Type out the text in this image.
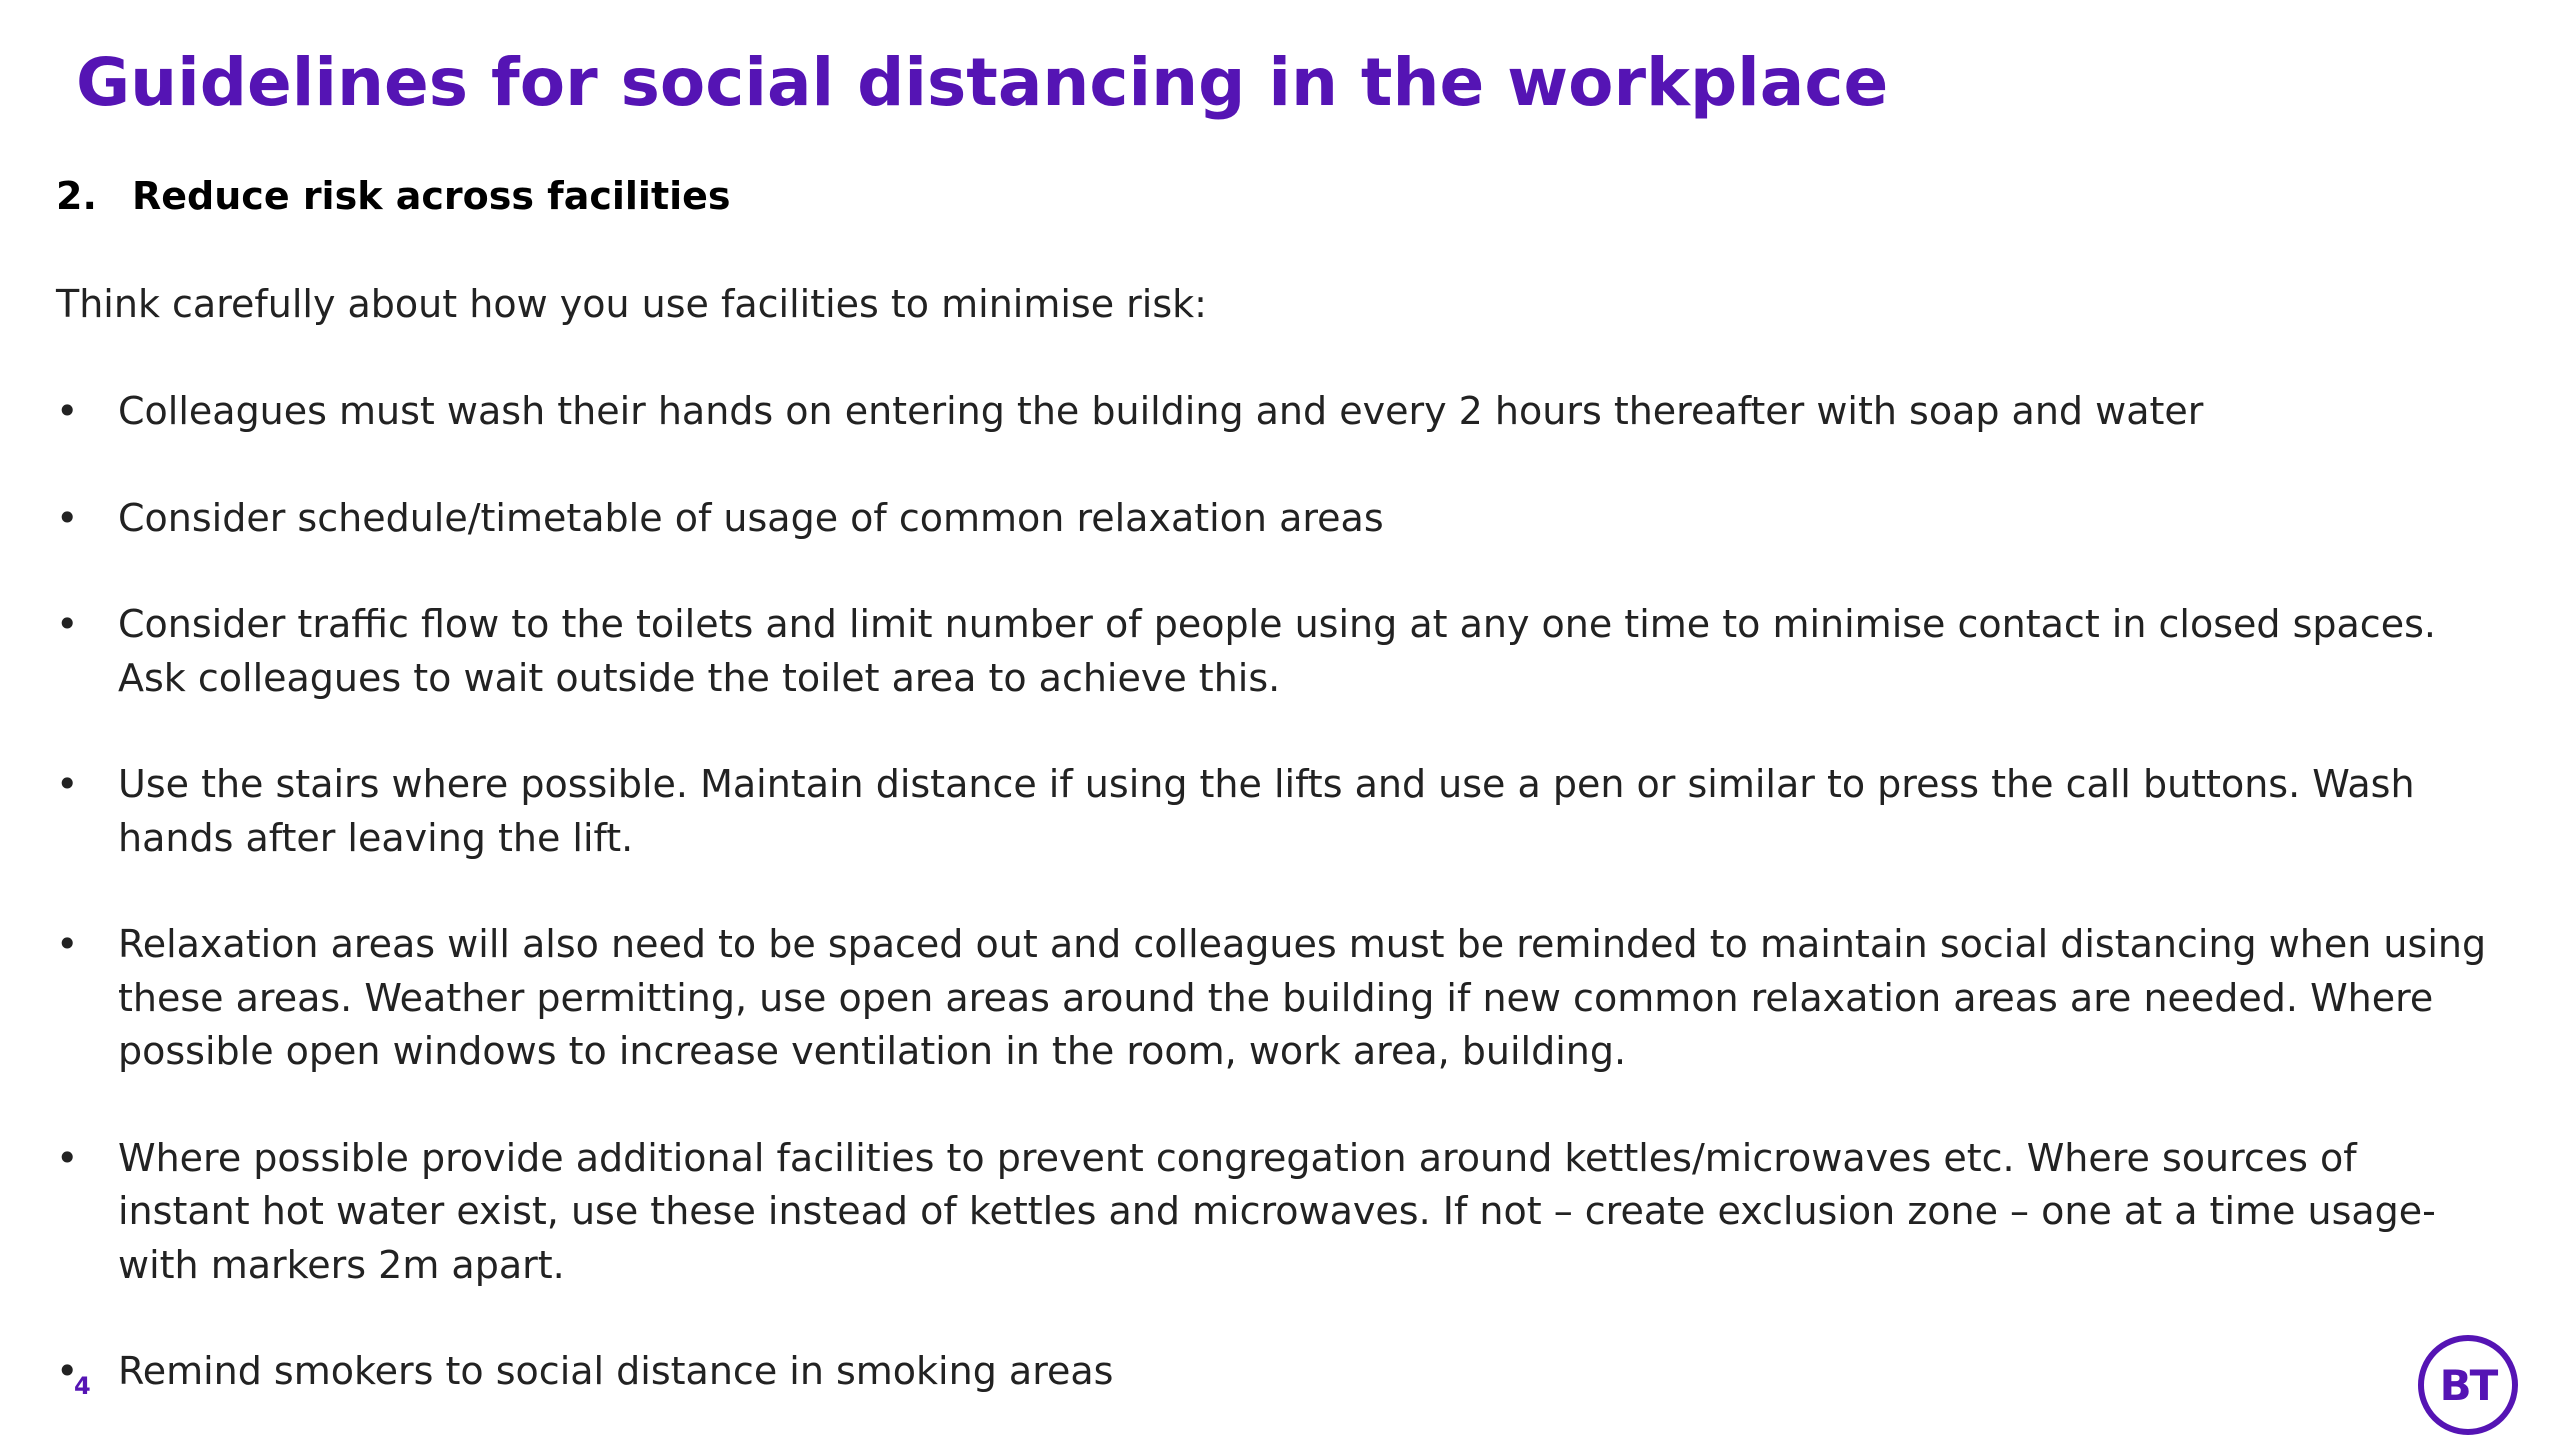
Guidelines for social distancing in the workplace
2. Reduce risk across facilities

Think carefully about how you use facilities to minimise risk:

• Colleagues must wash their hands on entering the building and every 2 hours thereafter with soap and water
• Consider schedule/timetable of usage of common relaxation areas
• Consider traffic flow to the toilets and limit number of people using at any one time to minimise contact in closed spaces. Ask colleagues to wait outside the toilet area to achieve this.
• Use the stairs where possible. Maintain distance if using the lifts and use a pen or similar to press the call buttons. Wash hands after leaving the lift.
• Relaxation areas will also need to be spaced out and colleagues must be reminded to maintain social distancing when using these areas. Weather permitting, use open areas around the building if new common relaxation areas are needed. Where possible open windows to increase ventilation in the room, work area, building.
• Where possible provide additional facilities to prevent congregation around kettles/microwaves etc. Where sources of instant hot water exist, use these instead of kettles and microwaves. If not – create exclusion zone – one at a time usage- with markers 2m apart.
• Remind smokers to social distance in smoking areas
4	BT
